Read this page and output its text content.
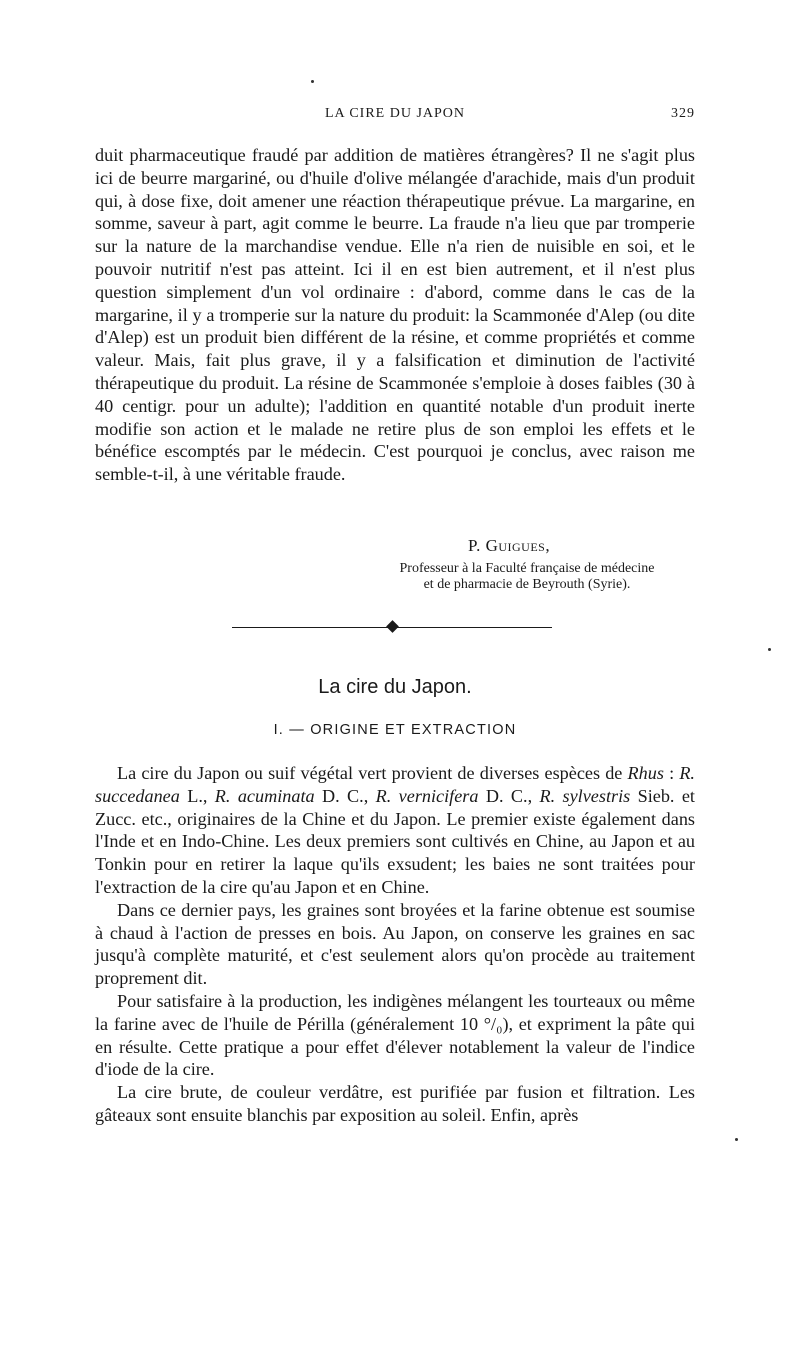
LA CIRE DU JAPON	329

duit pharmaceutique fraudé par addition de matières étrangères? Il ne s'agit plus ici de beurre margariné, ou d'huile d'olive mélangée d'arachide, mais d'un produit qui, à dose fixe, doit amener une réaction thérapeutique prévue. La margarine, en somme, saveur à part, agit comme le beurre. La fraude n'a lieu que par tromperie sur la nature de la marchandise vendue. Elle n'a rien de nuisible en soi, et le pouvoir nutritif n'est pas atteint. Ici il en est bien autrement, et il n'est plus question simplement d'un vol ordinaire : d'abord, comme dans le cas de la margarine, il y a tromperie sur la nature du produit: la Scammonée d'Alep (ou dite d'Alep) est un produit bien différent de la résine, et comme propriétés et comme valeur. Mais, fait plus grave, il y a falsification et diminution de l'activité thérapeutique du produit. La résine de Scammonée s'emploie à doses faibles (30 à 40 centigr. pour un adulte); l'addition en quantité notable d'un produit inerte modifie son action et le malade ne retire plus de son emploi les effets et le bénéfice escomptés par le médecin. C'est pourquoi je conclus, avec raison me semble-t-il, à une véritable fraude.

P. Guigues,
Professeur à la Faculté française de médecine
et de pharmacie de Beyrouth (Syrie).
La cire du Japon.
I. — ORIGINE ET EXTRACTION

La cire du Japon ou suif végétal vert provient de diverses espèces de Rhus : R. succedanea L., R. acuminata D. C., R. vernicifera D. C., R. sylvestris Sieb. et Zucc. etc., originaires de la Chine et du Japon. Le premier existe également dans l'Inde et en Indo-Chine. Les deux premiers sont cultivés en Chine, au Japon et au Tonkin pour en retirer la laque qu'ils exsudent; les baies ne sont traitées pour l'extraction de la cire qu'au Japon et en Chine.

Dans ce dernier pays, les graines sont broyées et la farine obtenue est soumise à chaud à l'action de presses en bois. Au Japon, on conserve les graines en sac jusqu'à complète maturité, et c'est seulement alors qu'on procède au traitement proprement dit.

Pour satisfaire à la production, les indigènes mélangent les tourteaux ou même la farine avec de l'huile de Périlla (généralement 10 °/₀), et expriment la pâte qui en résulte. Cette pratique a pour effet d'élever notablement la valeur de l'indice d'iode de la cire.

La cire brute, de couleur verdâtre, est purifiée par fusion et filtration. Les gâteaux sont ensuite blanchis par exposition au soleil. Enfin, après
